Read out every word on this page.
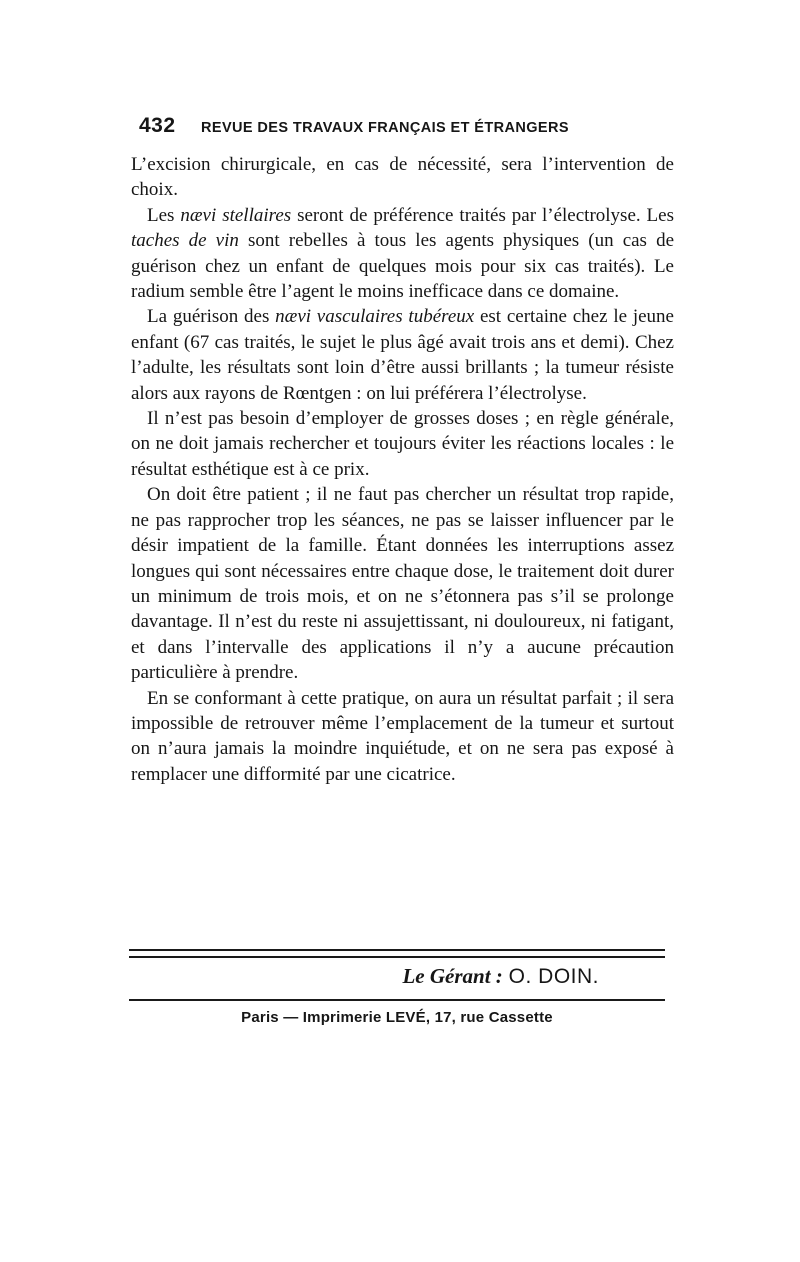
432	REVUE DES TRAVAUX FRANÇAIS ET ÉTRANGERS

L’excision chirurgicale, en cas de nécessité, sera l’intervention de choix.

Les nævi stellaires seront de préférence traités par l’électrolyse. Les taches de vin sont rebelles à tous les agents physiques (un cas de guérison chez un enfant de quelques mois pour six cas traités). Le radium semble être l’agent le moins inefficace dans ce domaine.

La guérison des nævi vasculaires tubéreux est certaine chez le jeune enfant (67 cas traités, le sujet le plus âgé avait trois ans et demi). Chez l’adulte, les résultats sont loin d’être aussi brillants ; la tumeur résiste alors aux rayons de Rœntgen : on lui préférera l’électrolyse.

Il n’est pas besoin d’employer de grosses doses ; en règle générale, on ne doit jamais rechercher et toujours éviter les réactions locales : le résultat esthétique est à ce prix.

On doit être patient ; il ne faut pas chercher un résultat trop rapide, ne pas rapprocher trop les séances, ne pas se laisser influencer par le désir impatient de la famille. Étant données les interruptions assez longues qui sont nécessaires entre chaque dose, le traitement doit durer un minimum de trois mois, et on ne s’étonnera pas s’il se prolonge davantage. Il n’est du reste ni assujettissant, ni douloureux, ni fatigant, et dans l’intervalle des applications il n’y a aucune précaution particulière à prendre.

En se conformant à cette pratique, on aura un résultat parfait ; il sera impossible de retrouver même l’emplacement de la tumeur et surtout on n’aura jamais la moindre inquiétude, et on ne sera pas exposé à remplacer une difformité par une cicatrice.

Le Gérant : O. DOIN.
Paris — Imprimerie LEVÉ, 17, rue Cassette
